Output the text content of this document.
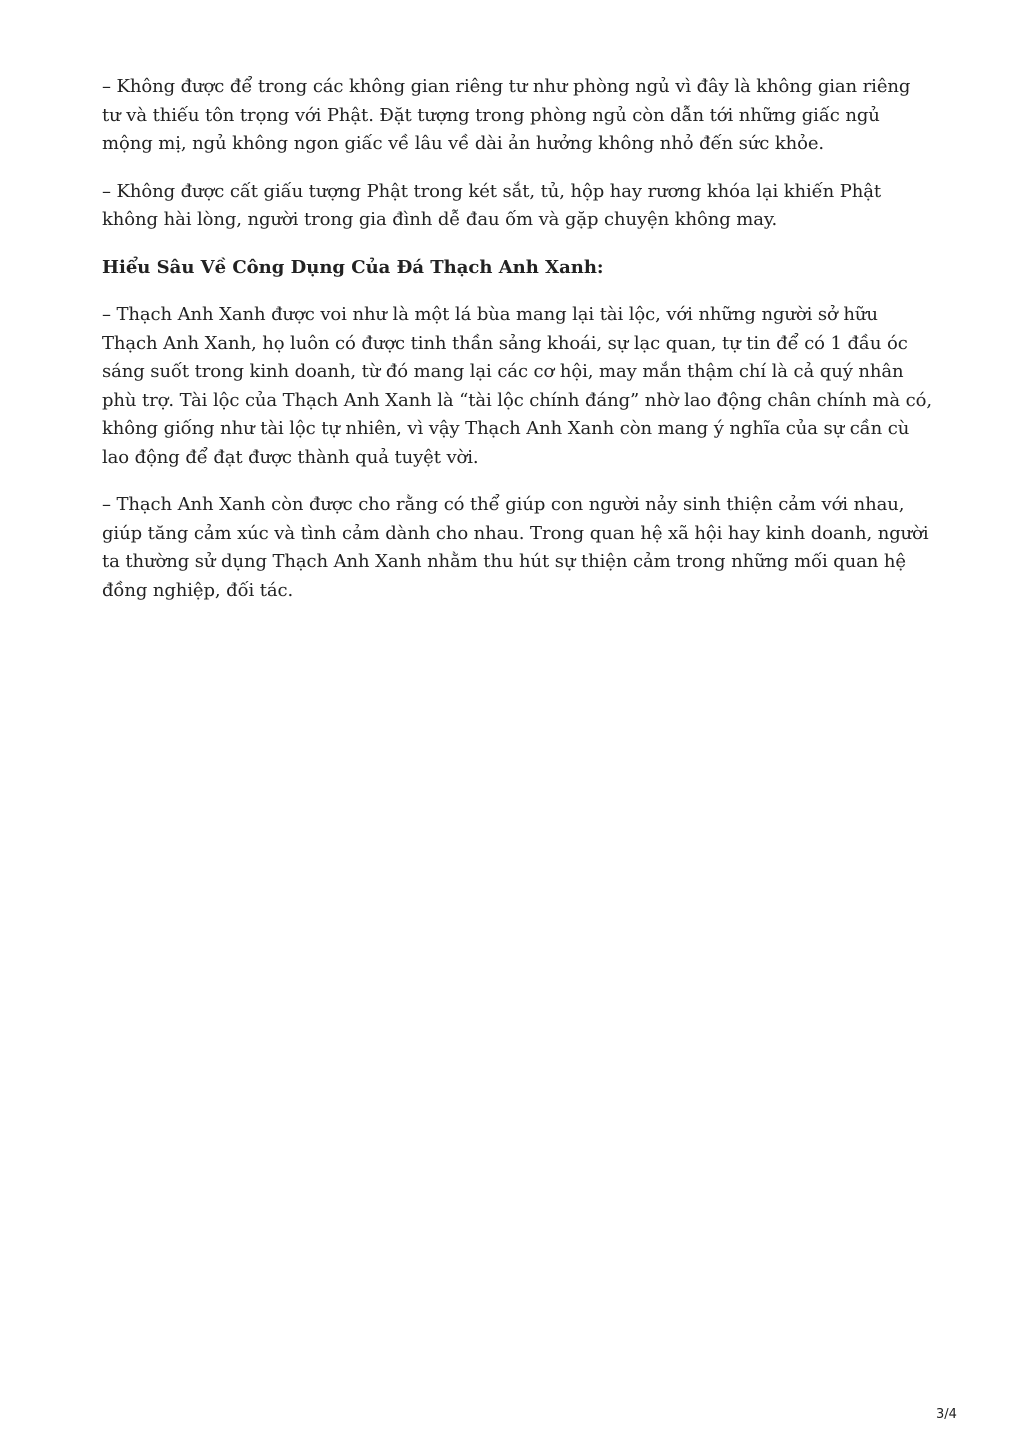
– Không được để trong các không gian riêng tư như phòng ngủ vì đây là không gian riêng tư và thiếu tôn trọng với Phật. Đặt tượng trong phòng ngủ còn dẫn tới những giấc ngủ mộng mị, ngủ không ngon giấc về lâu về dài ản hưởng không nhỏ đến sức khỏe.

– Không được cất giấu tượng Phật trong két sắt, tủ, hộp hay rương khóa lại khiến Phật không hài lòng, người trong gia đình dễ đau ốm và gặp chuyện không may.

Hiểu Sâu Về Công Dụng Của Đá Thạch Anh Xanh:

– Thạch Anh Xanh được voi như là một lá bùa mang lại tài lộc, với những người sở hữu Thạch Anh Xanh, họ luôn có được tinh thần sảng khoái, sự lạc quan, tự tin để có 1 đầu óc sáng suốt trong kinh doanh, từ đó mang lại các cơ hội, may mắn thậm chí là cả quý nhân phù trợ. Tài lộc của Thạch Anh Xanh là “tài lộc chính đáng” nhờ lao động chân chính mà có, không giống như tài lộc tự nhiên, vì vậy Thạch Anh Xanh còn mang ý nghĩa của sự cần cù lao động để đạt được thành quả tuyệt vời.

– Thạch Anh Xanh còn được cho rằng có thể giúp con người nảy sinh thiện cảm với nhau, giúp tăng cảm xúc và tình cảm dành cho nhau. Trong quan hệ xã hội hay kinh doanh, người ta thường sử dụng Thạch Anh Xanh nhằm thu hút sự thiện cảm trong những mối quan hệ đồng nghiệp, đối tác.

3/4
